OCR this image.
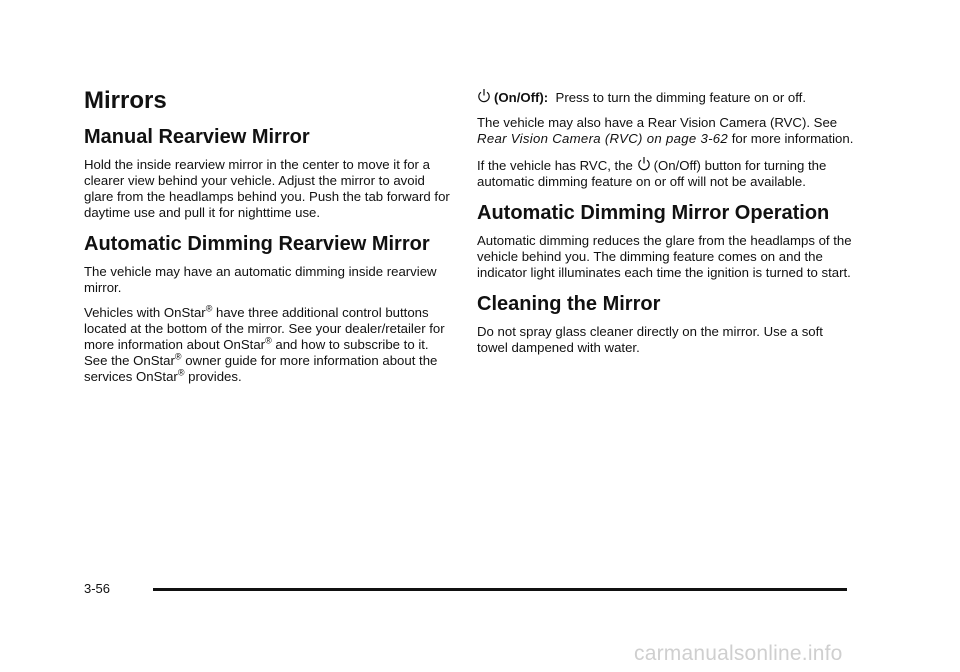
Mirrors
Manual Rearview Mirror

Hold the inside rearview mirror in the center to move it for a clearer view behind your vehicle. Adjust the mirror to avoid glare from the headlamps behind you. Push the tab forward for daytime use and pull it for nighttime use.

Automatic Dimming Rearview Mirror

The vehicle may have an automatic dimming inside rearview mirror.

Vehicles with OnStar® have three additional control buttons located at the bottom of the mirror. See your dealer/retailer for more information about OnStar® and how to subscribe to it. See the OnStar® owner guide for more information about the services OnStar® provides.

(On/Off): Press to turn the dimming feature on or off.

The vehicle may also have a Rear Vision Camera (RVC). See Rear Vision Camera (RVC) on page 3-62 for more information.

If the vehicle has RVC, the
(On/Off) button for turning the automatic dimming feature on or off will not be available.

Automatic Dimming Mirror Operation

Automatic dimming reduces the glare from the headlamps of the vehicle behind you. The dimming feature comes on and the indicator light illuminates each time the ignition is turned to start.

Cleaning the Mirror

Do not spray glass cleaner directly on the mirror. Use a soft towel dampened with water.

3-56
carmanualsonline.info
